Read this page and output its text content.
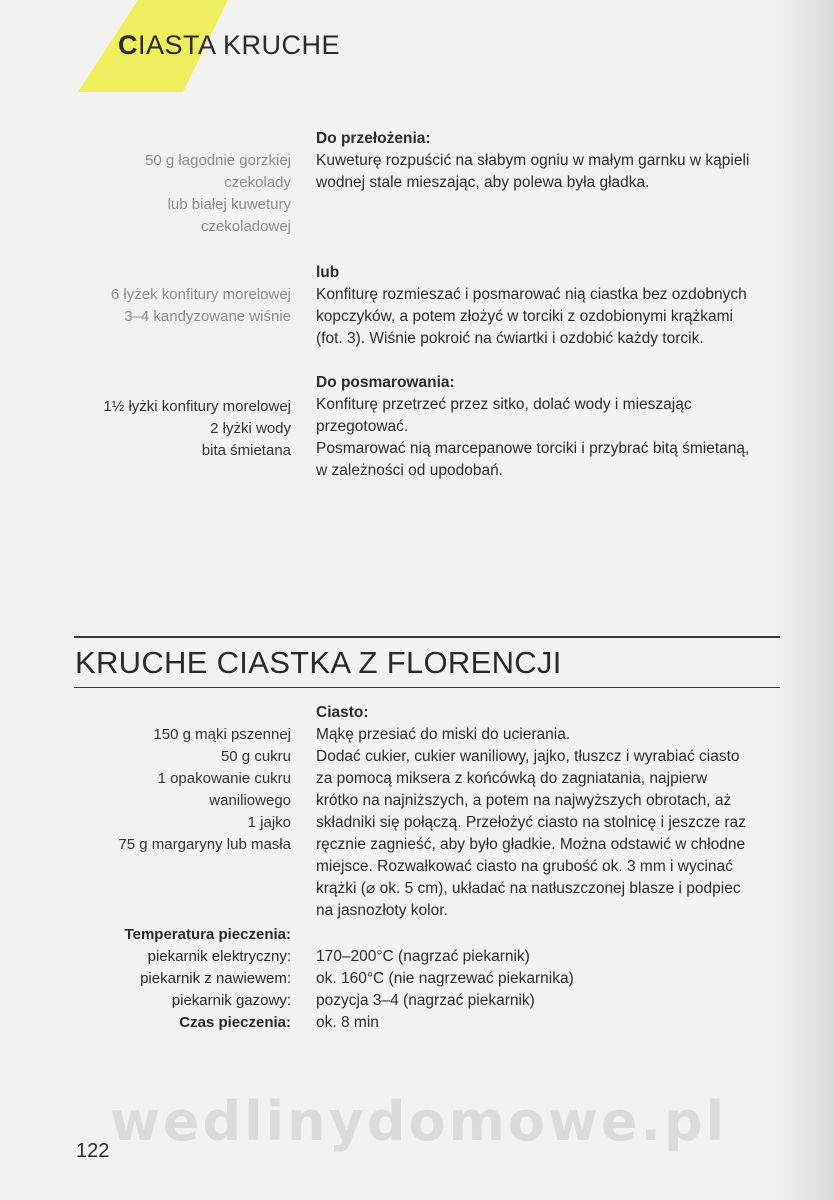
CIASTA KRUCHE
50 g łagodnie gorzkiej
czekolady
lub białej kuwetury
czekoladowej
Do przełożenia:
Kuweturę rozpuścić na słabym ogniu w małym garnku w kąpieli
wodnej stale mieszając, aby polewa była gładka.
6 łyżek konfitury morelowej
3–4 kandyzowane wiśnie
lub
Konfiturę rozmieszać i posmarować nią ciastka bez ozdobnych
kopczyków, a potem złożyć w torciki z ozdobionymi krążkami
(fot. 3). Wiśnie pokroić na ćwiartki i ozdobić każdy torcik.
1½ łyżki konfitury morelowej
2 łyżki wody
bita śmietana
Do posmarowania:
Konfiturę przetrzeć przez sitko, dolać wody i mieszając
przegotować.
Posmarować nią marcepanowe torciki i przybrać bitą śmietaną,
w zależności od upodobań.
KRUCHE CIASTKA Z FLORENCJI
150 g mąki pszennej
50 g cukru
1 opakowanie cukru
waniliowego
1 jajko
75 g margaryny lub masła
Ciasto:
Mąkę przesiać do miski do ucierania.
Dodać cukier, cukier waniliowy, jajko, tłuszcz i wyrabiać ciasto
za pomocą miksera z końcówką do zagniatania, najpierw
krótko na najniższych, a potem na najwyższych obrotach, aż
składniki się połączą. Przełożyć ciasto na stolnicę i jeszcze raz
ręcznie zagnieść, aby było gładkie. Można odstawić w chłodne
miejsce. Rozwałkować ciasto na grubość ok. 3 mm i wycinać
krążki (⌀ ok. 5 cm), układać na natłuszczonej blasze i podpiec
na jasnozłoty kolor.
Temperatura pieczenia:
piekarnik elektryczny:
piekarnik z nawiewem:
piekarnik gazowy:
Czas pieczenia:
170–200°C (nagrzać piekarnik)
ok. 160°C (nie nagrzewać piekarnika)
pozycja 3–4 (nagrzać piekarnik)
ok. 8 min
wedlinydomowe.pl
122
